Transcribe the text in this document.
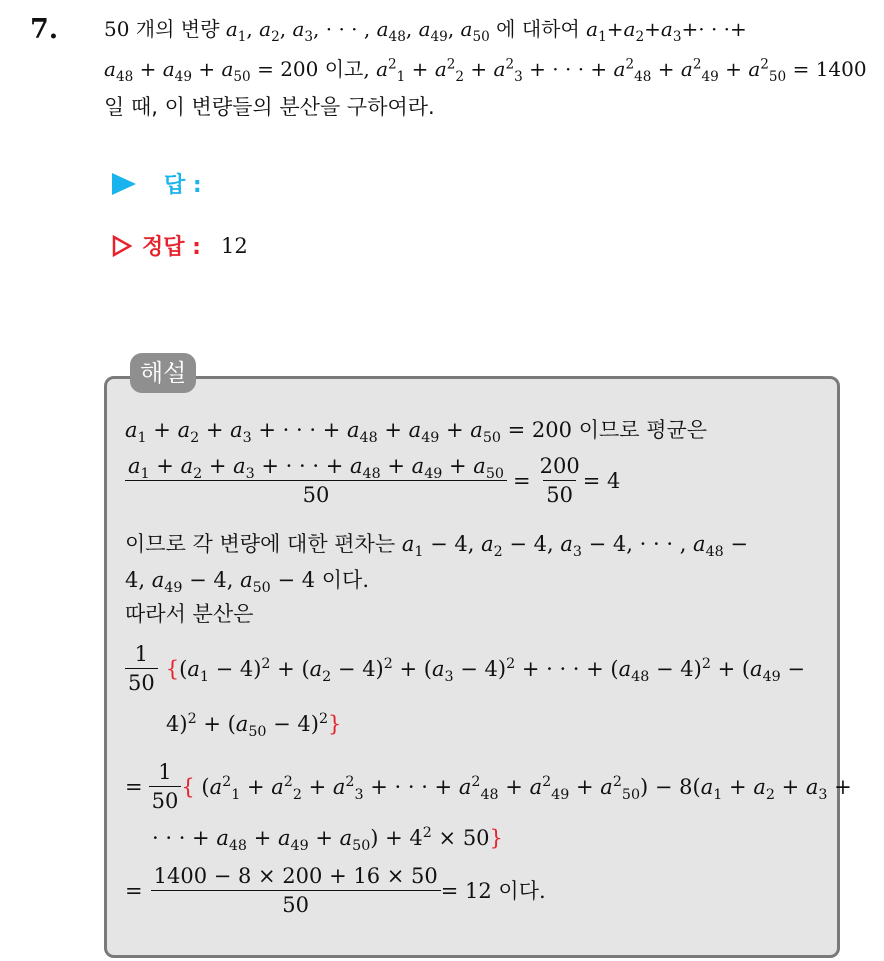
7. 50 개의 변량 $a_1$, $a_2$, $a_3$, · · · , $a_{48}$, $a_{49}$, $a_{50}$ 에 대하여 $a_1+a_2+a_3+\cdot$ · ·+
$a_{48} + a_{49} + a_{50} = 200$ 이고, $a^2_1 + a^2_2 + a^2_3$ + · · · + $a^2_{48} + a^2_{49} + a^2_{50} = 1400$
일 때, 이 변량들의 분산을 구하여라.
답 :
정답 : 12
해설
$a_1 + a_2 + a_3$ + · · · + $a_{48} + a_{49} + a_{50} = 200$ 이므로 평균은
$\frac{a_1 + a_2 + a_3 + \cdot \cdot \cdot + a_{48} + a_{49} + a_{50}}{50} = \frac{200}{50} = 4$
이므로 각 변량에 대한 편차는 $a_1 - 4$, $a_2 - 4$, $a_3 - 4$, · · · , $a_{48}$ −
4, $a_{49} - 4$, $a_{50} - 4$ 이다.
따라서 분산은
$\frac{1}{50} \{(a_1 - 4)^2 + (a_2 - 4)^2 + (a_3 - 4)^2$ + · · · + $(a_{48} - 4)^2 + (a_{49}$ −
$4)^2 + (a_{50} - 4)^2$}
= $\frac{1}{50}$ { ($a^2_1 + a^2_2 + a^2_3$ + · · · + $a^2_{48} + a^2_{49} + a^2_{50}) - 8(a_1 + a_2 + a_3$ +
· · · + $a_{48} + a_{49} + a_{50}) + 4^2 \times 50$}
= $\frac{1400 - 8 \times 200 + 16 \times 50}{50} = 12$ 이다.
